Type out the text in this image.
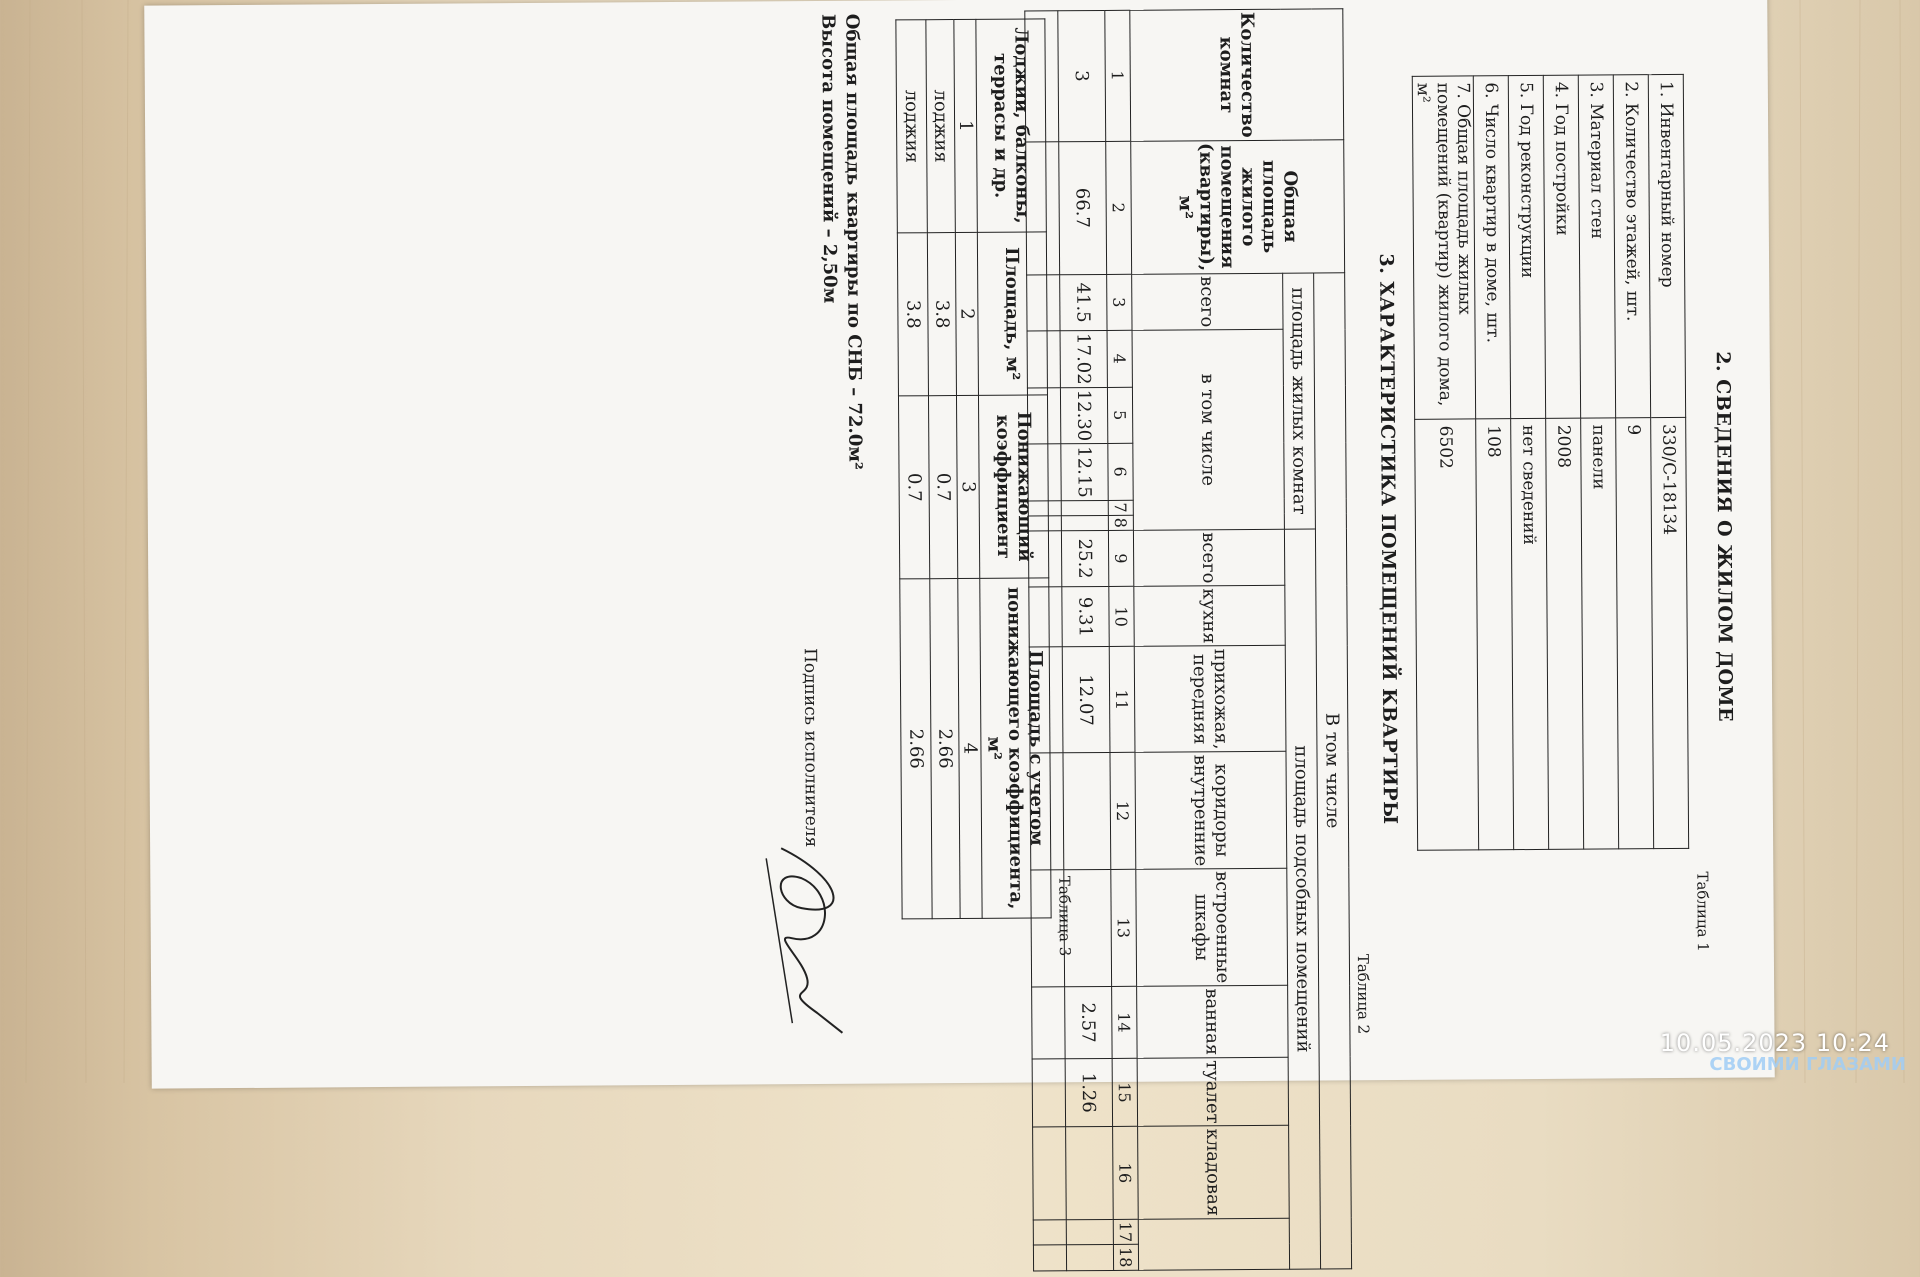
2. СВЕДЕНИЯ О ЖИЛОМ ДОМЕ
Таблица 1
1. Инвентарный номер	330/С-18134
2. Количество этажей, шт.	9
3. Материал стен	панели
4. Год постройки	2008
5. Год реконструкции	нет сведений
6. Число квартир в доме, шт.	108
7. Общая площадь жилых помещений (квартир) жилого дома, м²	6502
3. ХАРАКТЕРИСТИКА ПОМЕЩЕНИЙ КВАРТИРЫ
Таблица 2
Количество комнат	Общая площадь жилого помещения (квартиры), м²	В том числе															
		площадь жилых комнат						площадь подсобных помещений									
		всего	в том числе					всего	кухня	прихожая, передняя	коридоры внутренние	встроенные шкафы	ванная	туалет	кладовая		
1	2	3	4	5	6	7	8	9	10	11	12	13	14	15	16	17	18
3	66.7	41.5	17.02	12.30	12.15			25.2	9.31	12.07			2.57	1.26			

Таблица 3
Лоджии, балконы, террасы и др.	Площадь, м²	Понижающий коэффициент	Площадь с учетом понижающего коэффициента, м²
1	2	3	4
лоджия	3.8	0.7	2.66
лоджия	3.8	0.7	2.66
Общая площадь квартиры по СНБ – 72.0м²
Высота помещений – 2,50м
Подпись исполнителя
10.05.2023 10:24
СВОИМИ ГЛАЗАМИ
